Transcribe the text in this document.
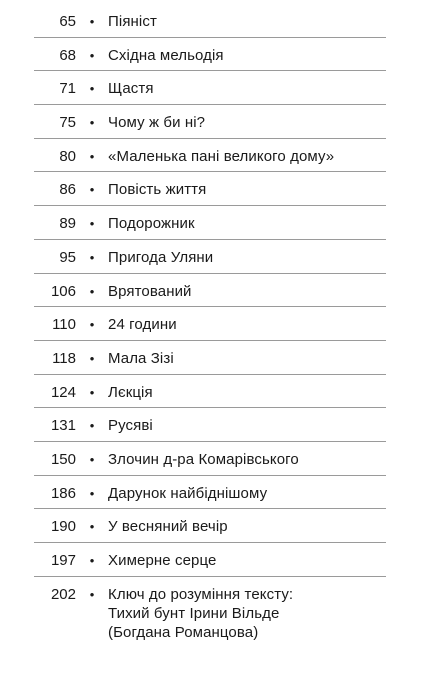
65	• Піяніст
68	• Східна мельодія
71	• Щастя
75	• Чому ж би ні?
80	• «Маленька пані великого дому»
86	• Повість життя
89	• Подорожник
95	• Пригода Уляни
106	• Врятований
110	• 24 години
118	• Мала Зізі
124	• Лєкція
131	• Русяві
150	• Злочин д-ра Комарівського
186	• Дарунок найбіднішому
190	• У весняний вечір
197	• Химерне серце
202	• Ключ до розуміння тексту:
Тихий бунт Ірини Вільде
(Богдана Романцова)
